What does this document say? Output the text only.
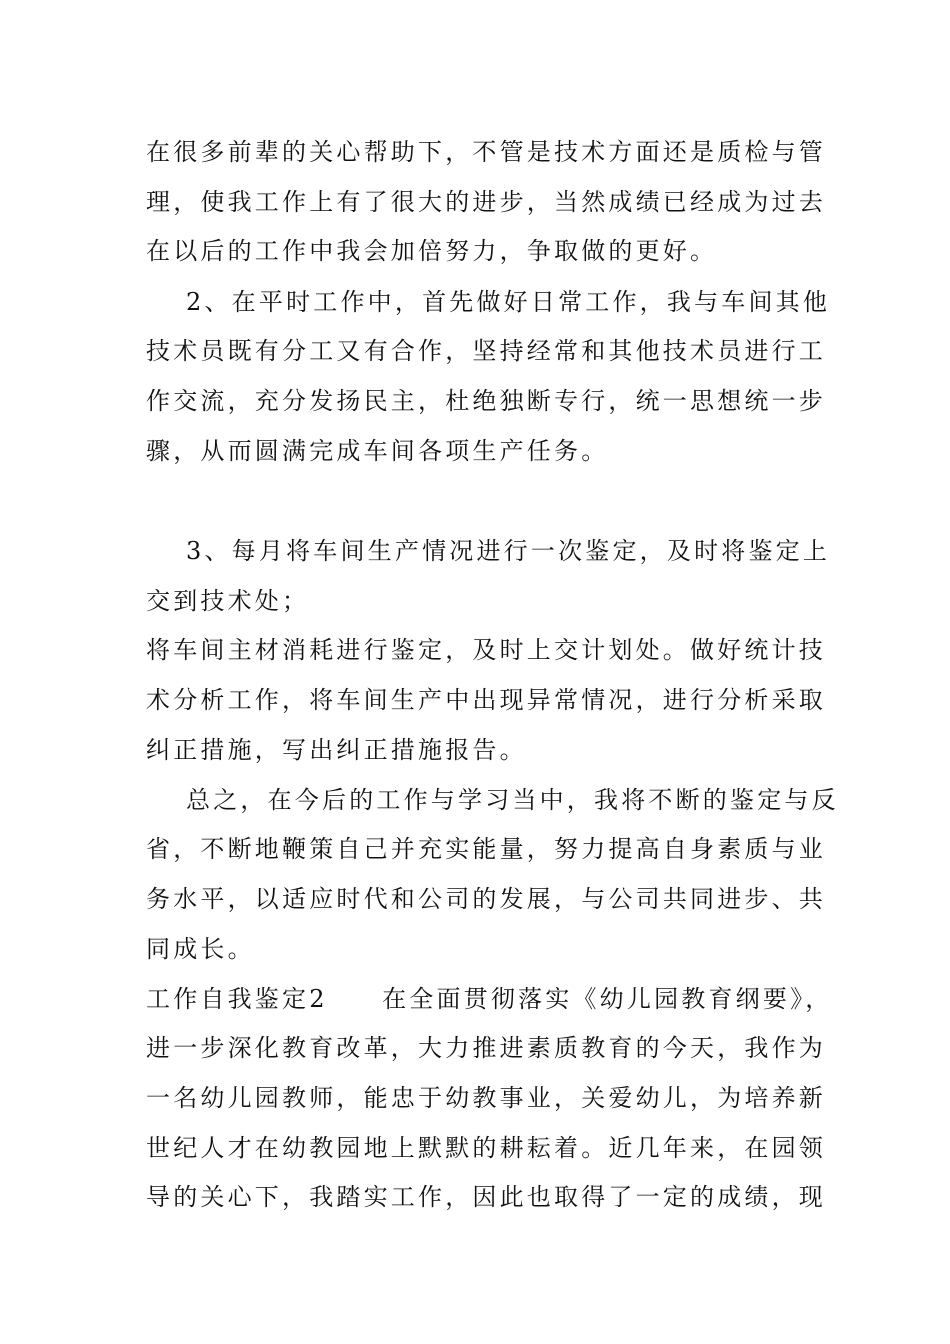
在很多前辈的关心帮助下，不管是技术方面还是质检与管
理，使我工作上有了很大的进步，当然成绩已经成为过去
在以后的工作中我会加倍努力，争取做的更好。
2、在平时工作中，首先做好日常工作，我与车间其他
技术员既有分工又有合作，坚持经常和其他技术员进行工
作交流，充分发扬民主，杜绝独断专行，统一思想统一步
骤，从而圆满完成车间各项生产任务。
3、每月将车间生产情况进行一次鉴定，及时将鉴定上
交到技术处；
将车间主材消耗进行鉴定，及时上交计划处。做好统计技
术分析工作，将车间生产中出现异常情况，进行分析采取
纠正措施，写出纠正措施报告。
总之，在今后的工作与学习当中，我将不断的鉴定与反
省，不断地鞭策自己并充实能量，努力提高自身素质与业
务水平，以适应时代和公司的发展，与公司共同进步、共
同成长。
工作自我鉴定2　　在全面贯彻落实《幼儿园教育纲要》，
进一步深化教育改革，大力推进素质教育的今天，我作为
一名幼儿园教师，能忠于幼教事业，关爱幼儿，为培养新
世纪人才在幼教园地上默默的耕耘着。近几年来，在园领
导的关心下，我踏实工作，因此也取得了一定的成绩，现
